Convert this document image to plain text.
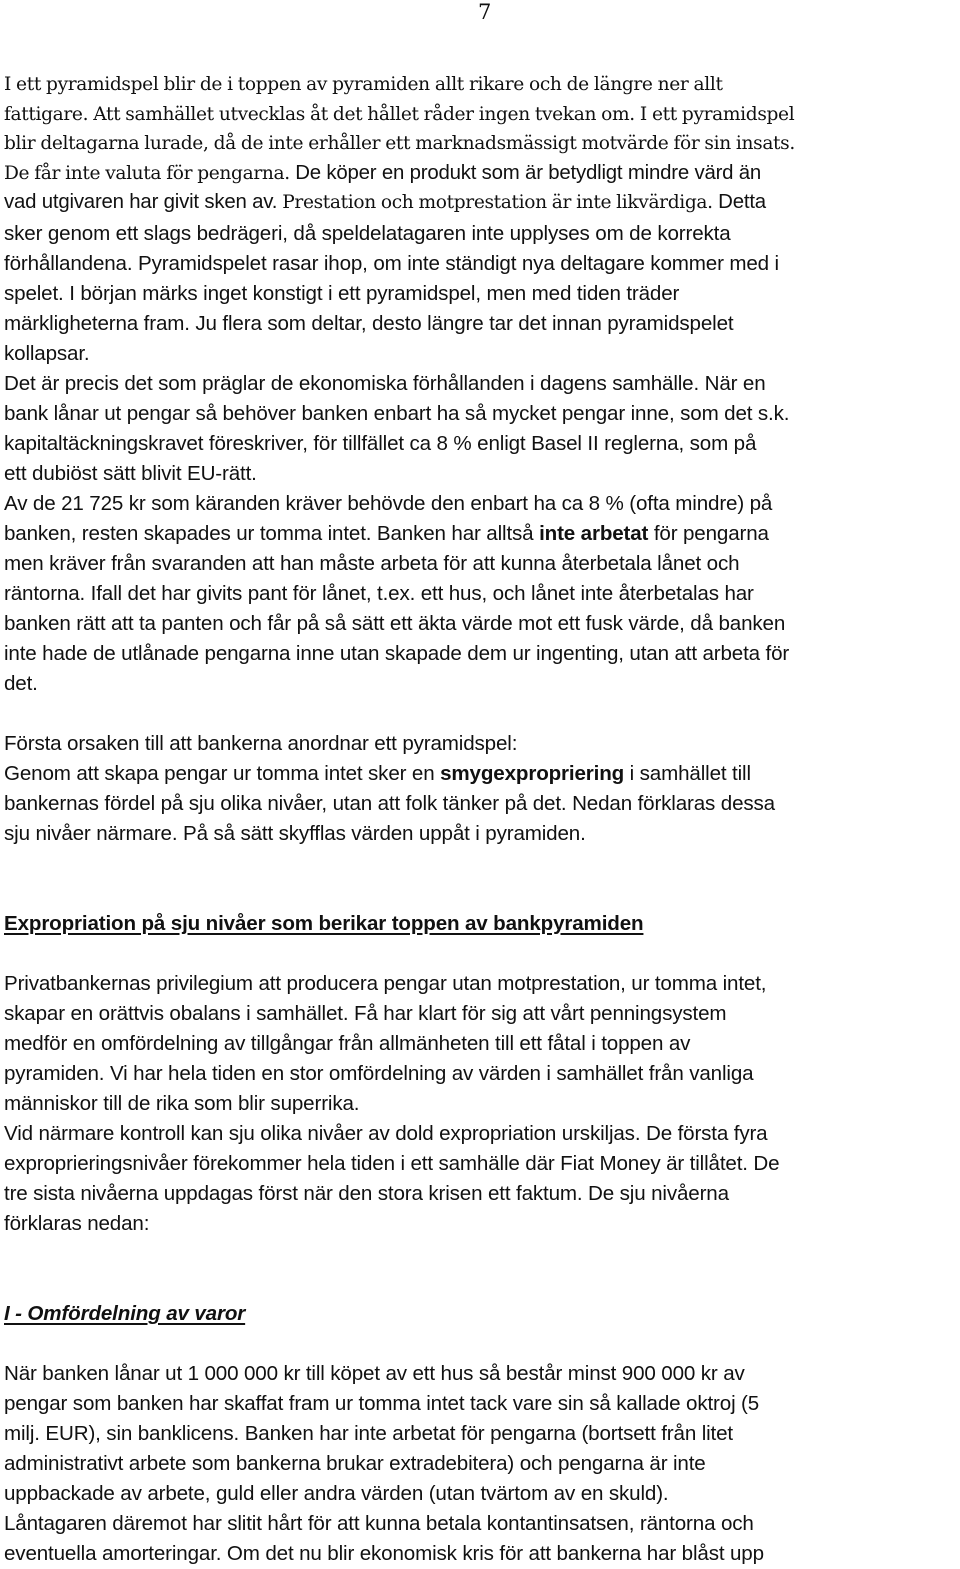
7
I ett pyramidspel blir de i toppen av pyramiden allt rikare och de längre ner allt
fattigare. Att samhället utvecklas åt det hållet råder ingen tvekan om. I ett pyramidspel
blir deltagarna lurade, då de inte erhåller ett marknadsmässigt motvärde för sin insats.
De får inte valuta för pengarna. De köper en produkt som är betydligt mindre värd än
vad utgivaren har givit sken av. Prestation och motprestation är inte likvärdiga. Detta
sker genom ett slags bedrägeri, då speldelatagaren inte upplyses om de korrekta
förhållandena. Pyramidspelet rasar ihop, om inte ständigt nya deltagare kommer med i
spelet. I början märks inget konstigt i ett pyramidspel, men med tiden träder
märkligheterna fram. Ju flera som deltar, desto längre tar det innan pyramidspelet
kollapsar.
Det är precis det som präglar de ekonomiska förhållanden i dagens samhälle. När en
bank lånar ut pengar så behöver banken enbart ha så mycket pengar inne, som det s.k.
kapitaltäckningskravet föreskriver, för tillfället ca 8 % enligt Basel II reglerna, som på
ett dubiöst sätt blivit EU-rätt.
Av de 21 725 kr som käranden kräver behövde den enbart ha ca 8 % (ofta mindre) på
banken, resten skapades ur tomma intet. Banken har alltså inte arbetat för pengarna
men kräver från svaranden att han måste arbeta för att kunna återbetala lånet och
räntorna. Ifall det har givits pant för lånet, t.ex. ett hus, och lånet inte återbetalas har
banken rätt att ta panten och får på så sätt ett äkta värde mot ett fusk värde, då banken
inte hade de utlånade pengarna inne utan skapade dem ur ingenting, utan att arbeta för
det.
Första orsaken till att bankerna anordnar ett pyramidspel:
Genom att skapa pengar ur tomma intet sker en smygexpropriering i samhället till
bankernas fördel på sju olika nivåer, utan att folk tänker på det. Nedan förklaras dessa
sju nivåer närmare. På så sätt skyfflas värden uppåt i pyramiden.
Expropriation på sju nivåer som berikar toppen av bankpyramiden
Privatbankernas privilegium att producera pengar utan motprestation, ur tomma intet,
skapar en orättvis obalans i samhället. Få har klart för sig att vårt penningsystem
medför en omfördelning av tillgångar från allmänheten till ett fåtal i toppen av
pyramiden. Vi har hela tiden en stor omfördelning av värden i samhället från vanliga
människor till de rika som blir superrika.
Vid närmare kontroll kan sju olika nivåer av dold expropriation urskiljas. De första fyra
exproprieringsnivåer förekommer hela tiden i ett samhälle där Fiat Money är tillåtet. De
tre sista nivåerna uppdagas först när den stora krisen ett faktum. De sju nivåerna
förklaras nedan:
I - Omfördelning av varor
När banken lånar ut 1 000 000 kr till köpet av ett hus så består minst 900 000 kr av
pengar som banken har skaffat fram ur tomma intet tack vare sin så kallade oktroj (5
milj. EUR), sin banklicens. Banken har inte arbetat för pengarna (bortsett från litet
administrativt arbete som bankerna brukar extradebitera) och pengarna är inte
uppbackade av arbete, guld eller andra värden (utan tvärtom av en skuld).
Låntagaren däremot har slitit hårt för att kunna betala kontantinsatsen, räntorna och
eventuella amorteringar. Om det nu blir ekonomisk kris för att bankerna har blåst upp
